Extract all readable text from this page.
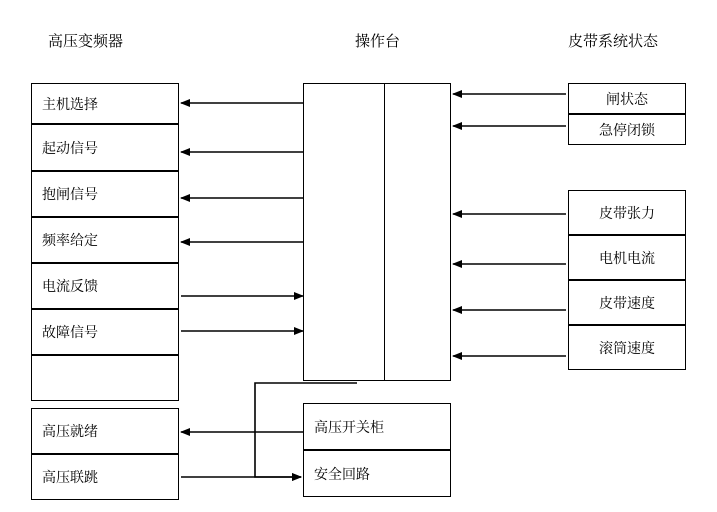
高压变频器	操作台	皮带系统状态
主机选择
起动信号
抱闸信号
频率给定
电流反馈
故障信号
高压就绪
高压联跳
闸状态
急停闭锁
皮带张力
电机电流
皮带速度
滚筒速度
高压开关柜
安全回路
